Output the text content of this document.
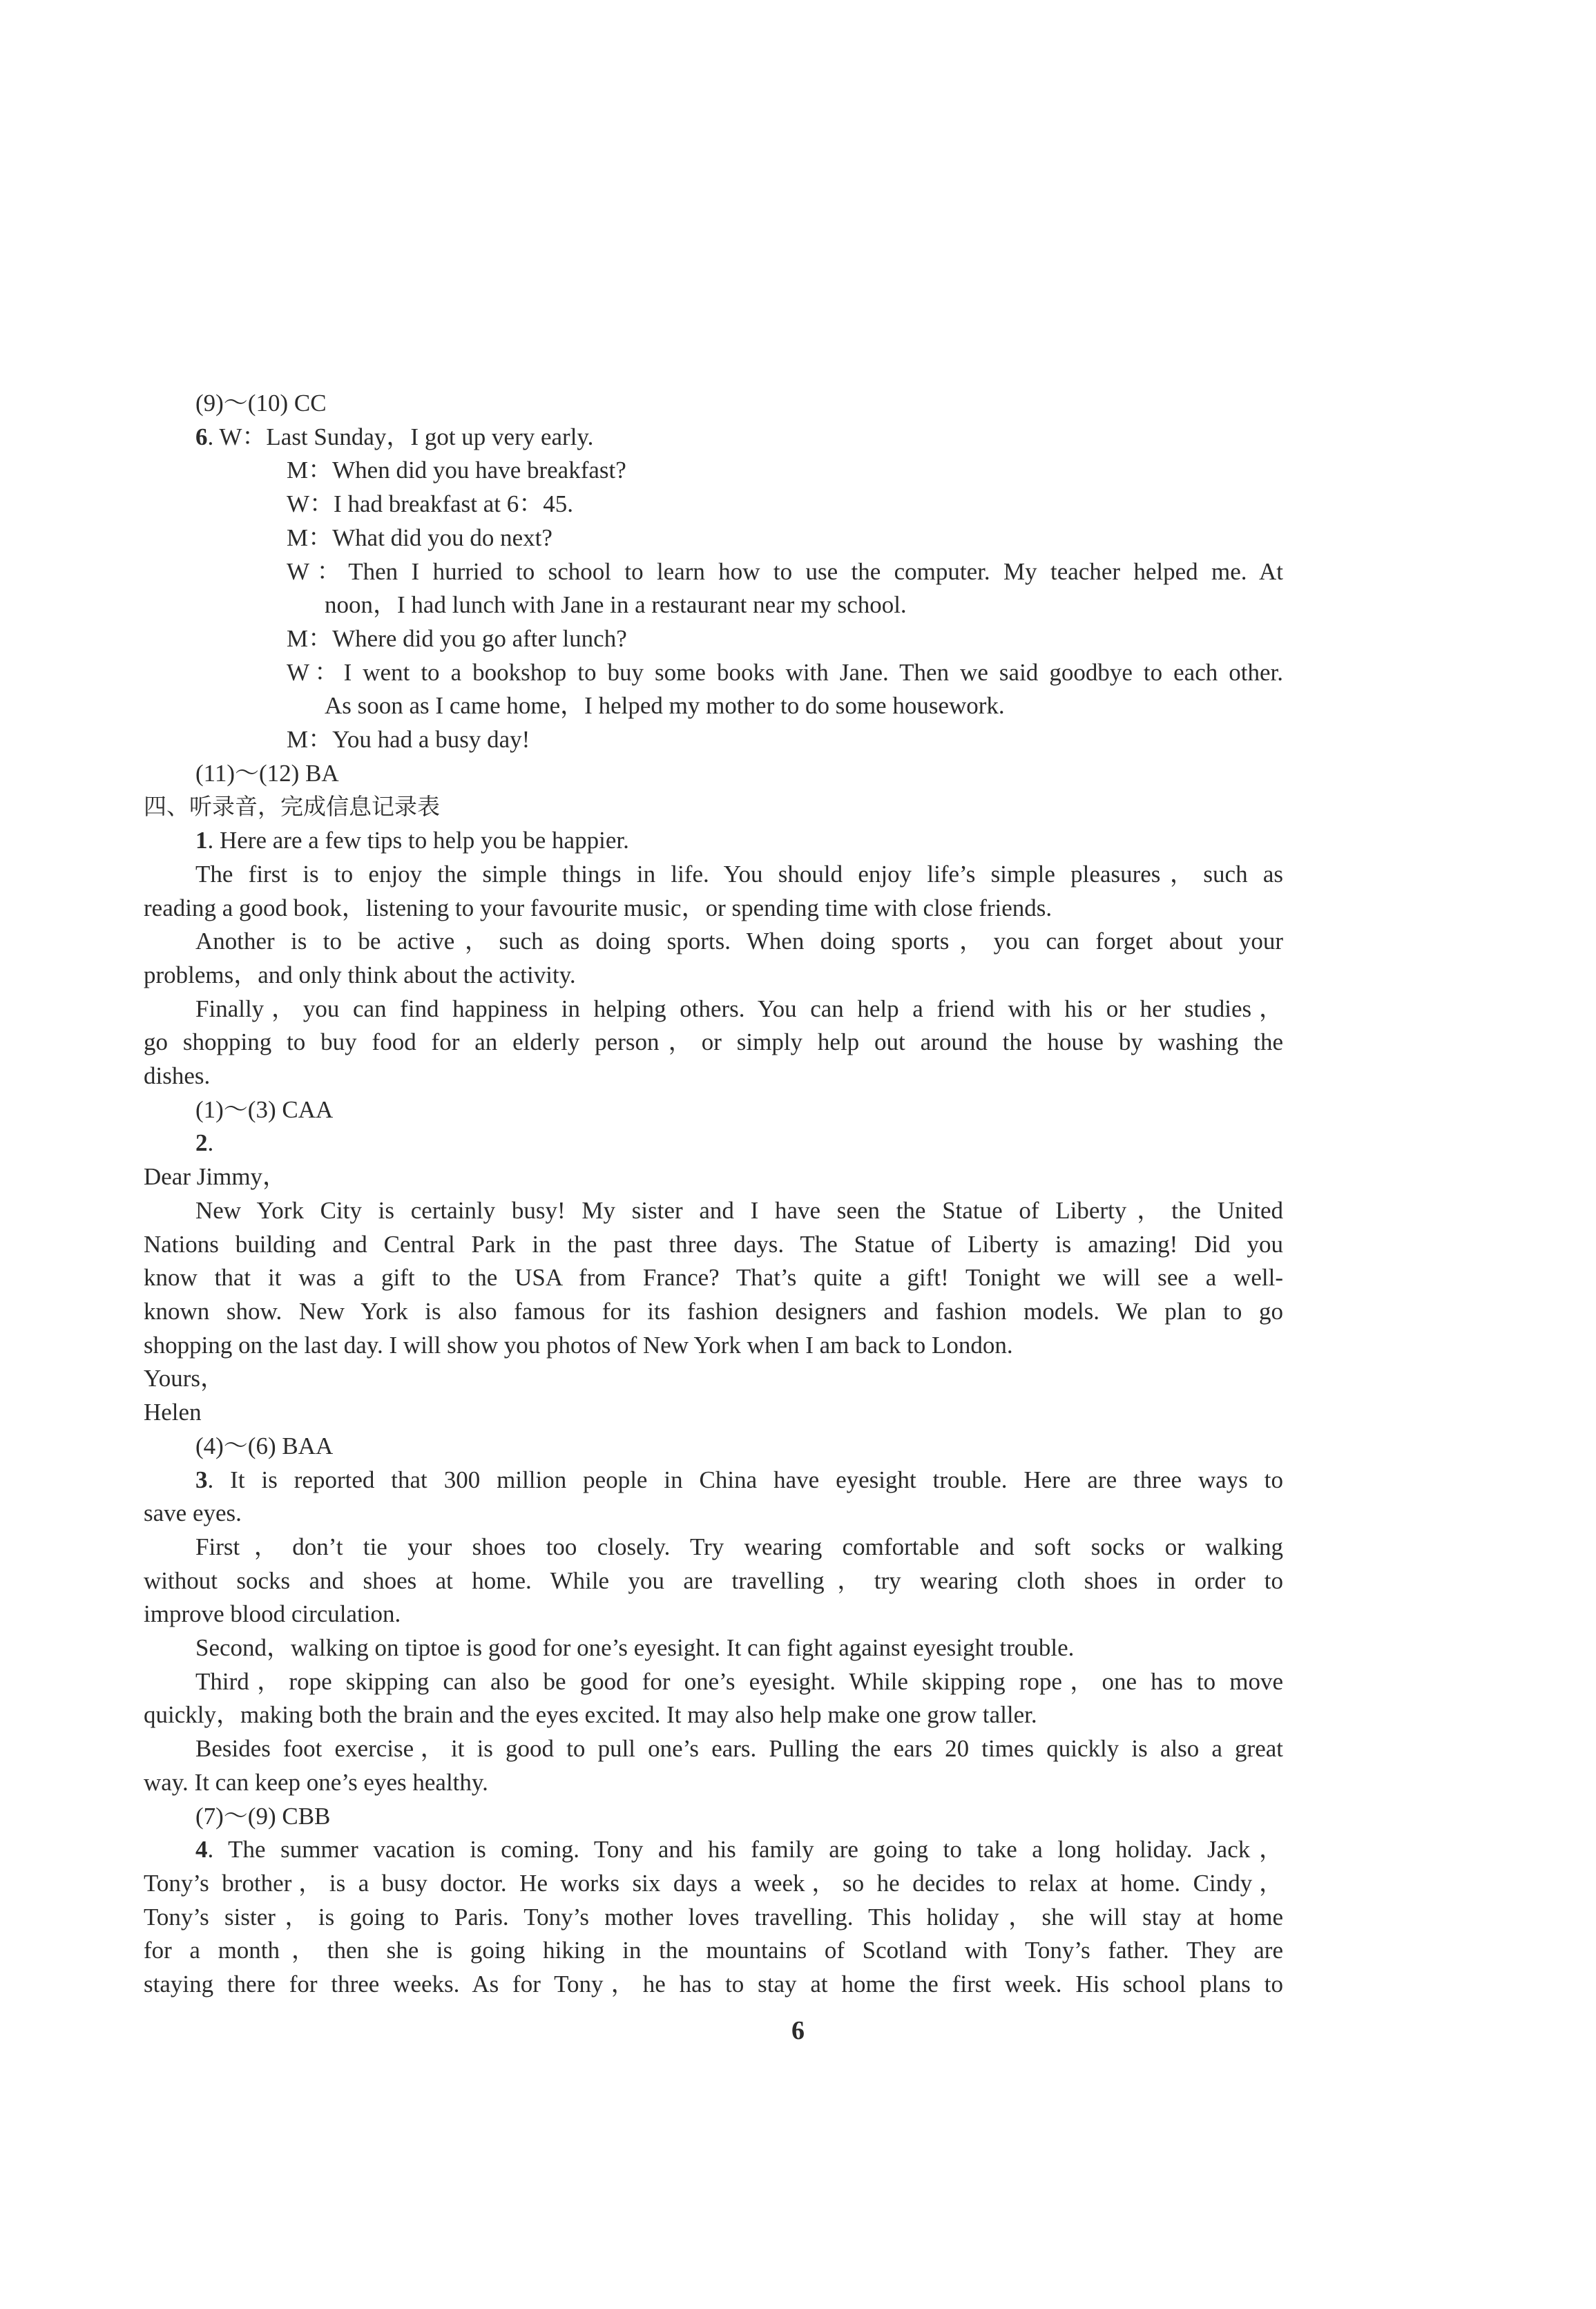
(9)～(10) CC

6. W：Last Sunday，I got up very early.

M：When did you have breakfast?

W：I had breakfast at 6：45.

M：What did you do next?

W：Then I hurried to school to learn how to use the computer. My teacher helped me. At

noon，I had lunch with Jane in a restaurant near my school.

M：Where did you go after lunch?

W：I went to a bookshop to buy some books with Jane. Then we said goodbye to each other.

As soon as I came home，I helped my mother to do some housework.

M：You had a busy day!

(11)～(12) BA

四、听录音，完成信息记录表

1. Here are a few tips to help you be happier.

The first is to enjoy the simple things in life. You should enjoy life’s simple pleasures，such as

reading a good book，listening to your favourite music，or spending time with close friends.

Another is to be active，such as doing sports. When doing sports，you can forget about your

problems，and only think about the activity.

Finally，you can find happiness in helping others. You can help a friend with his or her studies，

go shopping to buy food for an elderly person，or simply help out around the house by washing the

dishes.

(1)～(3) CAA

2.

Dear Jimmy，

New York City is certainly busy! My sister and I have seen the Statue of Liberty，the United

Nations building and Central Park in the past three days. The Statue of Liberty is amazing! Did you

know that it was a gift to the USA from France? That’s quite a gift! Tonight we will see a well-

known show. New York is also famous for its fashion designers and fashion models. We plan to go

shopping on the last day. I will show you photos of New York when I am back to London.

Yours，

Helen

(4)～(6) BAA

3. It is reported that 300 million people in China have eyesight trouble. Here are three ways to

save eyes.

First，don’t tie your shoes too closely. Try wearing comfortable and soft socks or walking

without socks and shoes at home. While you are travelling，try wearing cloth shoes in order to

improve blood circulation.

Second，walking on tiptoe is good for one’s eyesight. It can fight against eyesight trouble.

Third，rope skipping can also be good for one’s eyesight. While skipping rope，one has to move

quickly，making both the brain and the eyes excited. It may also help make one grow taller.

Besides foot exercise，it is good to pull one’s ears. Pulling the ears 20 times quickly is also a great

way. It can keep one’s eyes healthy.

(7)～(9) CBB

4. The summer vacation is coming. Tony and his family are going to take a long holiday. Jack，

Tony’s brother，is a busy doctor. He works six days a week，so he decides to relax at home. Cindy，

Tony’s sister，is going to Paris. Tony’s mother loves travelling. This holiday，she will stay at home

for a month，then she is going hiking in the mountains of Scotland with Tony’s father. They are

staying there for three weeks. As for Tony，he has to stay at home the first week. His school plans to

6
